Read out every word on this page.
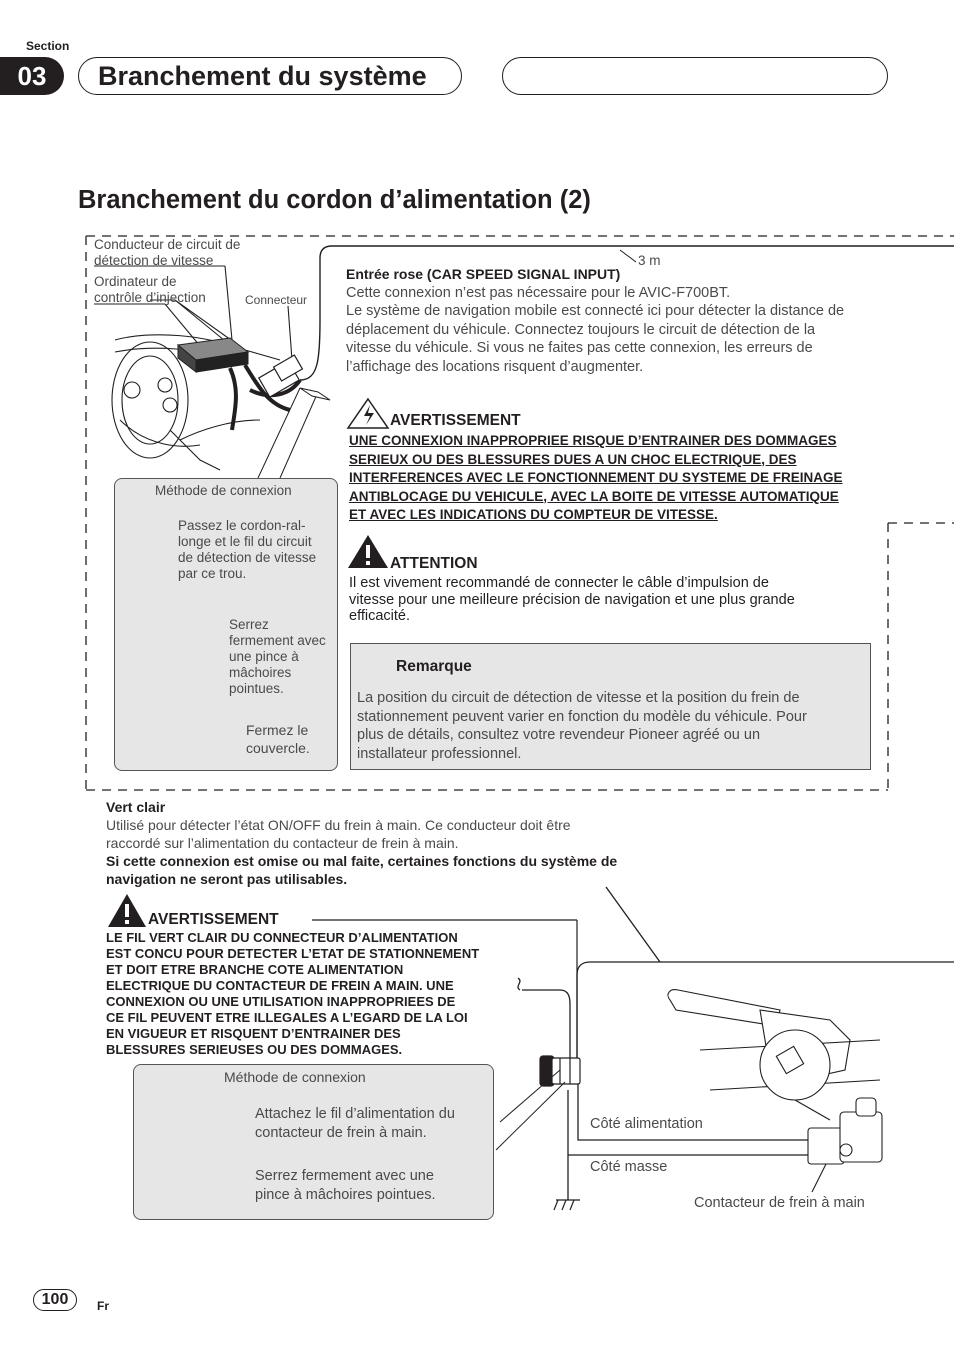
Section
03	Branchement du système
Branchement du cordon d’alimentation (2)
Conducteur de circuit de
détection de vitesse
Ordinateur de
contrôle d’injection	Connecteur
3 m
Méthode de connexion
Passez le cordon-ral-
longe et le fil du circuit
de détection de vitesse
par ce trou.
Serrez
fermement avec
une pince à
mâchoires
pointues.
Fermez le
couvercle.
Entrée rose (CAR SPEED SIGNAL INPUT)
Cette connexion n’est pas nécessaire pour le AVIC-F700BT.
Le système de navigation mobile est connecté ici pour détecter la distance de
déplacement du véhicule. Connectez toujours le circuit de détection de la
vitesse du véhicule. Si vous ne faites pas cette connexion, les erreurs de
l’affichage des locations risquent d’augmenter.
AVERTISSEMENT
UNE CONNEXION INAPPROPRIEE RISQUE D’ENTRAINER DES DOMMAGES
SERIEUX OU DES BLESSURES DUES A UN CHOC ELECTRIQUE, DES
INTERFERENCES AVEC LE FONCTIONNEMENT DU SYSTEME DE FREINAGE
ANTIBLOCAGE DU VEHICULE, AVEC LA BOITE DE VITESSE AUTOMATIQUE
ET AVEC LES INDICATIONS DU COMPTEUR DE VITESSE.
ATTENTION
Il est vivement recommandé de connecter le câble d’impulsion de
vitesse pour une meilleure précision de navigation et une plus grande
efficacité.
Remarque
La position du circuit de détection de vitesse et la position du frein de
stationnement peuvent varier en fonction du modèle du véhicule. Pour
plus de détails, consultez votre revendeur Pioneer agréé ou un
installateur professionnel.
Vert clair
Utilisé pour détecter l’état ON/OFF du frein à main. Ce conducteur doit être
raccordé sur l’alimentation du contacteur de frein à main.
Si cette connexion est omise ou mal faite, certaines fonctions du système de
navigation ne seront pas utilisables.
AVERTISSEMENT
LE FIL VERT CLAIR DU CONNECTEUR D’ALIMENTATION
EST CONCU POUR DETECTER L’ETAT DE STATIONNEMENT
ET DOIT ETRE BRANCHE COTE ALIMENTATION
ELECTRIQUE DU CONTACTEUR DE FREIN A MAIN. UNE
CONNEXION OU UNE UTILISATION INAPPROPRIEES DE
CE FIL PEUVENT ETRE ILLEGALES A L’EGARD DE LA LOI
EN VIGUEUR ET RISQUENT D’ENTRAINER DES
BLESSURES SERIEUSES OU DES DOMMAGES.
Méthode de connexion
Attachez le fil d’alimentation du
contacteur de frein à main.
Serrez fermement avec une
pince à mâchoires pointues.
Côté alimentation
Côté masse
Contacteur de frein à main
100	Fr
